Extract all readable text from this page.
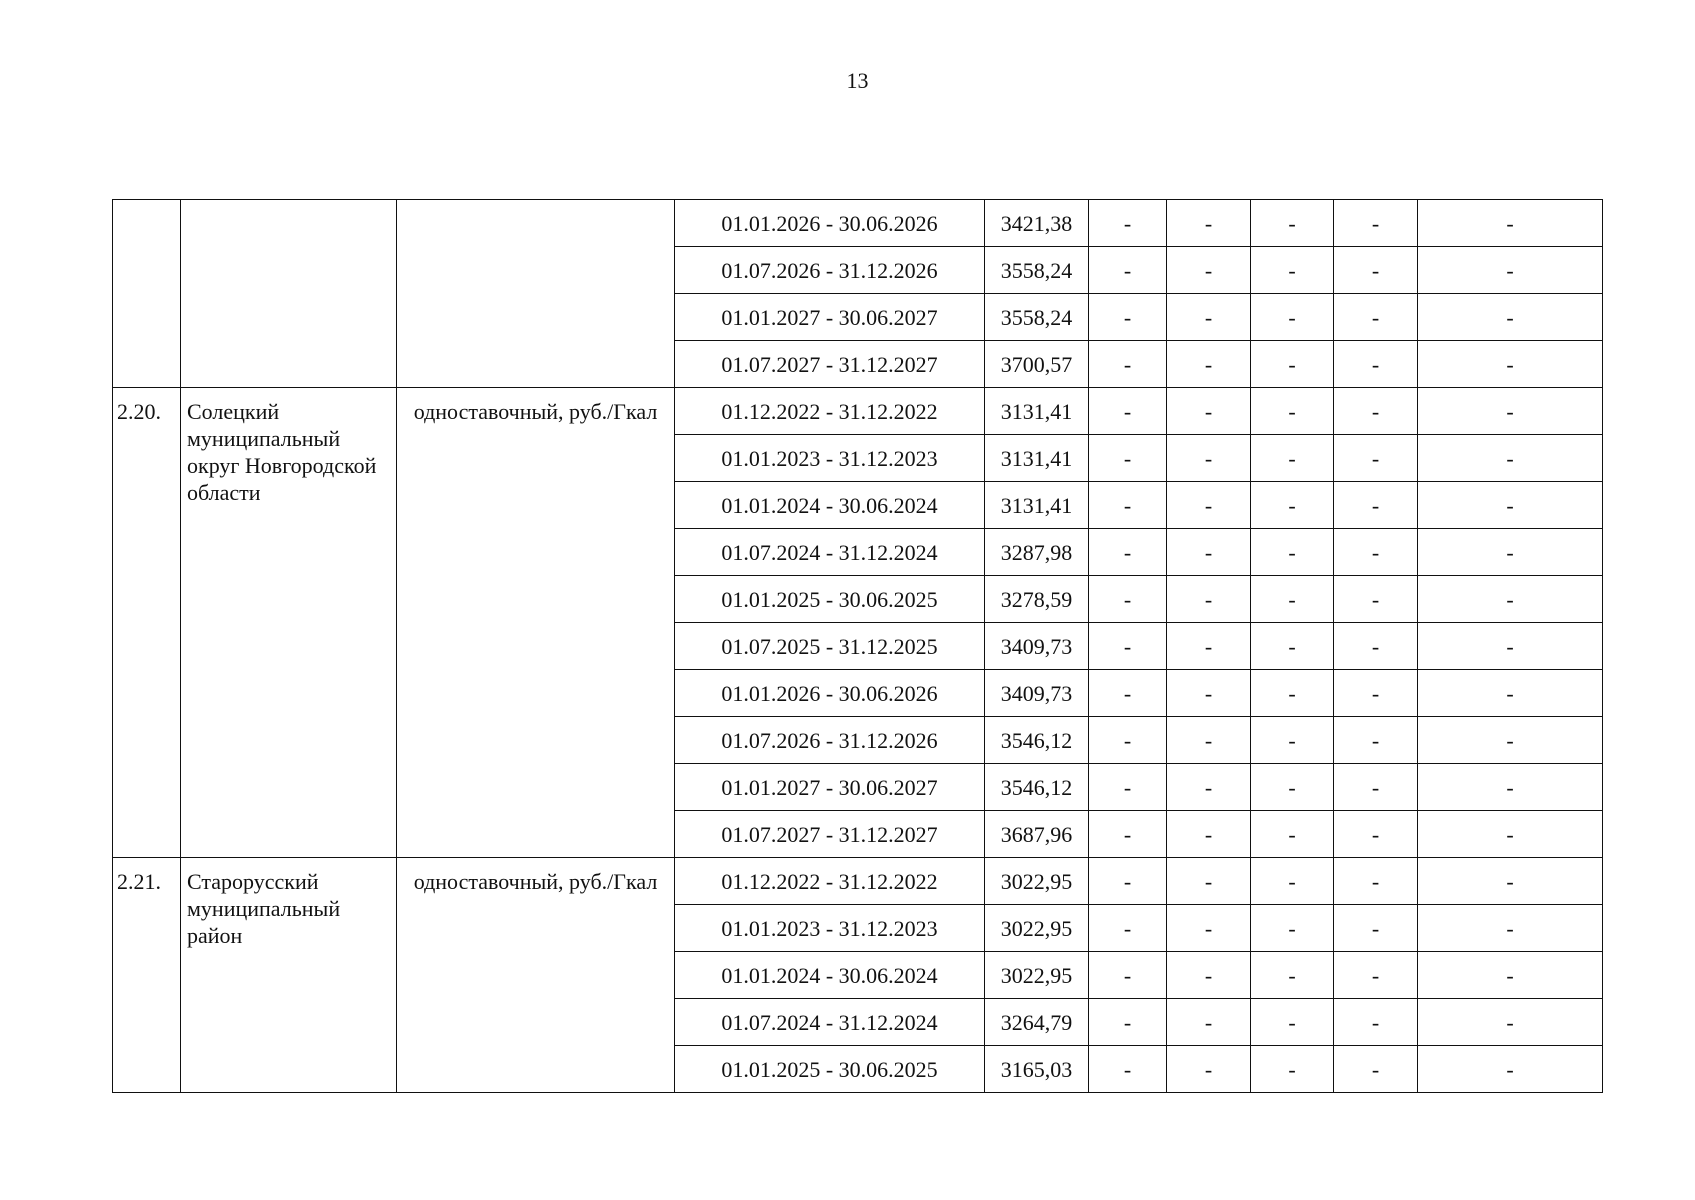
13
			01.01.2026 - 30.06.2026	3421,38	-	-	-	-	-
			01.07.2026 - 31.12.2026	3558,24	-	-	-	-	-
			01.01.2027 - 30.06.2027	3558,24	-	-	-	-	-
			01.07.2027 - 31.12.2027	3700,57	-	-	-	-	-
2.20.	Солецкий муниципальный округ Новгородской области	одноставочный, руб./Гкал	01.12.2022 - 31.12.2022	3131,41	-	-	-	-	-
			01.01.2023 - 31.12.2023	3131,41	-	-	-	-	-
			01.01.2024 - 30.06.2024	3131,41	-	-	-	-	-
			01.07.2024 - 31.12.2024	3287,98	-	-	-	-	-
			01.01.2025 - 30.06.2025	3278,59	-	-	-	-	-
			01.07.2025 - 31.12.2025	3409,73	-	-	-	-	-
			01.01.2026 - 30.06.2026	3409,73	-	-	-	-	-
			01.07.2026 - 31.12.2026	3546,12	-	-	-	-	-
			01.01.2027 - 30.06.2027	3546,12	-	-	-	-	-
			01.07.2027 - 31.12.2027	3687,96	-	-	-	-	-
2.21.	Старорусский муниципальный район	одноставочный, руб./Гкал	01.12.2022 - 31.12.2022	3022,95	-	-	-	-	-
			01.01.2023 - 31.12.2023	3022,95	-	-	-	-	-
			01.01.2024 - 30.06.2024	3022,95	-	-	-	-	-
			01.07.2024 - 31.12.2024	3264,79	-	-	-	-	-
			01.01.2025 - 30.06.2025	3165,03	-	-	-	-	-
